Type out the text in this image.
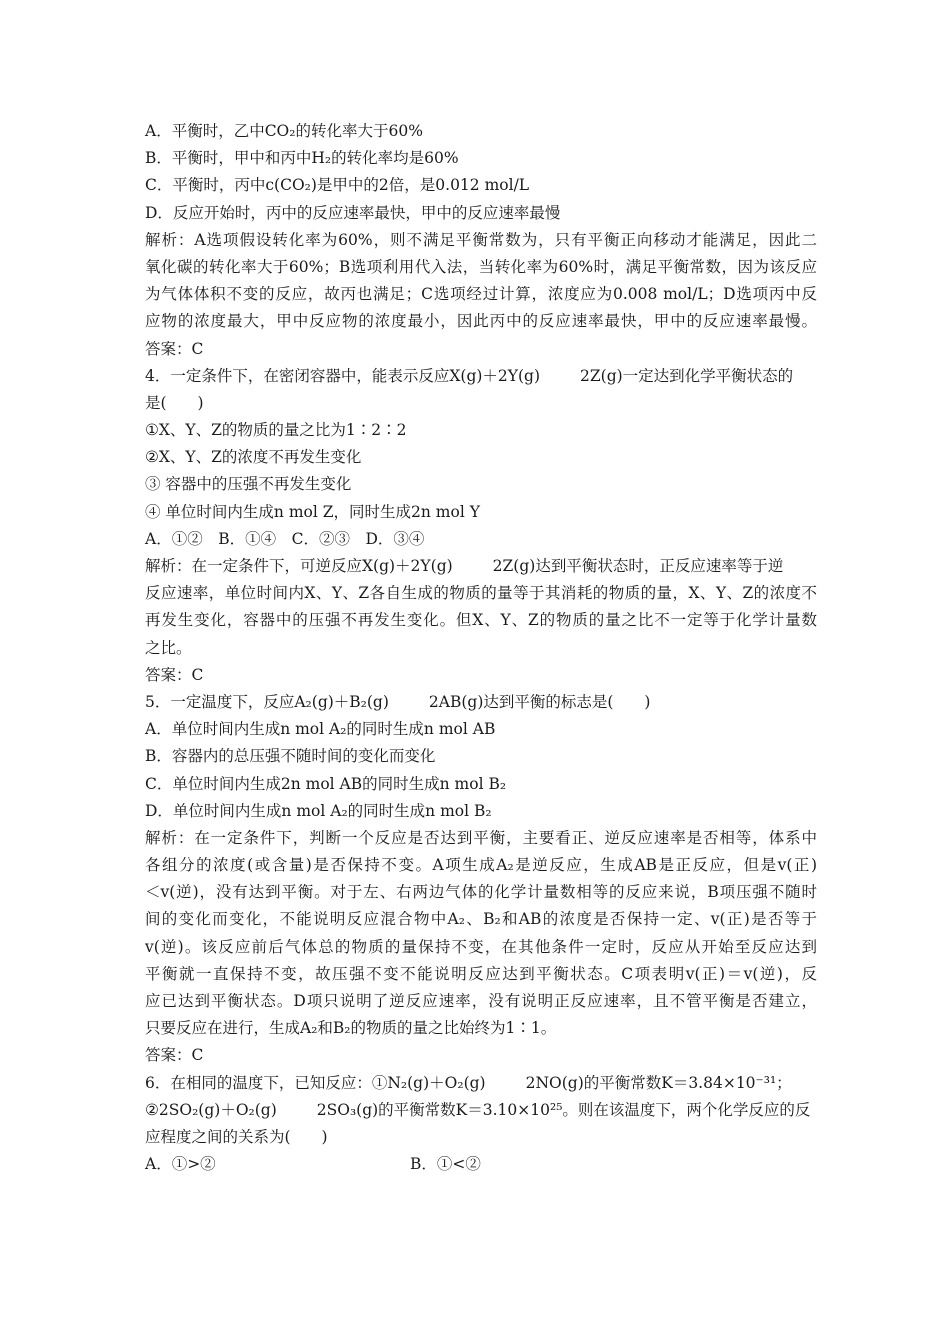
A．平衡时，乙中CO₂的转化率大于60%
B．平衡时，甲中和丙中H₂的转化率均是60%
C．平衡时，丙中c(CO₂)是甲中的2倍，是0.012 mol/L
D．反应开始时，丙中的反应速率最快，甲中的反应速率最慢
解析：A选项假设转化率为60%，则不满足平衡常数为，只有平衡正向移动才能满足，因此二
氧化碳的转化率大于60%；B选项利用代入法，当转化率为60%时，满足平衡常数，因为该反应
为气体体积不变的反应，故丙也满足；C选项经过计算，浓度应为0.008 mol/L；D选项丙中反
应物的浓度最大，甲中反应物的浓度最小，因此丙中的反应速率最快，甲中的反应速率最慢。
答案：C
4．一定条件下，在密闭容器中，能表示反应X(g)＋2Y(g)	2Z(g)一定达到化学平衡状态的
是(　　)
①X、Y、Z的物质的量之比为1∶2∶2
②X、Y、Z的浓度不再发生变化
③ 容器中的压强不再发生变化
④ 单位时间内生成n mol Z，同时生成2n mol Y
A．①②　B．①④　C．②③　D．③④
解析：在一定条件下，可逆反应X(g)＋2Y(g)	2Z(g)达到平衡状态时，正反应速率等于逆
反应速率，单位时间内X、Y、Z各自生成的物质的量等于其消耗的物质的量，X、Y、Z的浓度不
再发生变化，容器中的压强不再发生变化。但X、Y、Z的物质的量之比不一定等于化学计量数
之比。
答案：C
5．一定温度下，反应A₂(g)＋B₂(g)	2AB(g)达到平衡的标志是(　　)
A．单位时间内生成n mol A₂的同时生成n mol AB
B．容器内的总压强不随时间的变化而变化
C．单位时间内生成2n mol AB的同时生成n mol B₂
D．单位时间内生成n mol A₂的同时生成n mol B₂
解析：在一定条件下，判断一个反应是否达到平衡，主要看正、逆反应速率是否相等，体系中
各组分的浓度(或含量)是否保持不变。A项生成A₂是逆反应，生成AB是正反应，但是v(正)
＜v(逆)，没有达到平衡。对于左、右两边气体的化学计量数相等的反应来说，B项压强不随时
间的变化而变化，不能说明反应混合物中A₂、B₂和AB的浓度是否保持一定、v(正)是否等于
v(逆)。该反应前后气体总的物质的量保持不变，在其他条件一定时，反应从开始至反应达到
平衡就一直保持不变，故压强不变不能说明反应达到平衡状态。C项表明v(正)＝v(逆)，反
应已达到平衡状态。D项只说明了逆反应速率，没有说明正反应速率，且不管平衡是否建立，
只要反应在进行，生成A₂和B₂的物质的量之比始终为1∶1。
答案：C
6．在相同的温度下，已知反应：①N₂(g)＋O₂(g)	2NO(g)的平衡常数K＝3.84×10⁻³¹；
②2SO₂(g)＋O₂(g)	2SO₃(g)的平衡常数K＝3.10×10²⁵。则在该温度下，两个化学反应的反
应程度之间的关系为(　　)
A．①>②	B．①<②
